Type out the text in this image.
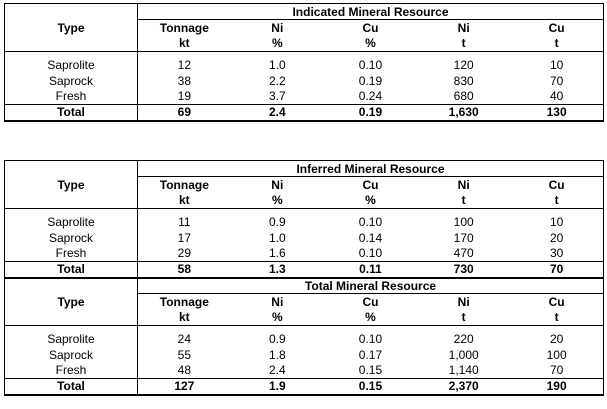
Type	Indicated Mineral Resource				
	Tonnage	Ni	Cu	Ni	Cu
	kt	%	%	t	t

Saprolite	12	1.0	0.10	120	10
Saprock	38	2.2	0.19	830	70
Fresh	19	3.7	0.24	680	40
Total	69	2.4	0.19	1,630	130
Type	Inferred Mineral Resource				
	Tonnage	Ni	Cu	Ni	Cu
	kt	%	%	t	t

Saprolite	11	0.9	0.10	100	10
Saprock	17	1.0	0.14	170	20
Fresh	29	1.6	0.10	470	30
Total	58	1.3	0.11	730	70
Type	Total Mineral Resource				
	Tonnage	Ni	Cu	Ni	Cu
	kt	%	%	t	t

Saprolite	24	0.9	0.10	220	20
Saprock	55	1.8	0.17	1,000	100
Fresh	48	2.4	0.15	1,140	70
Total	127	1.9	0.15	2,370	190
